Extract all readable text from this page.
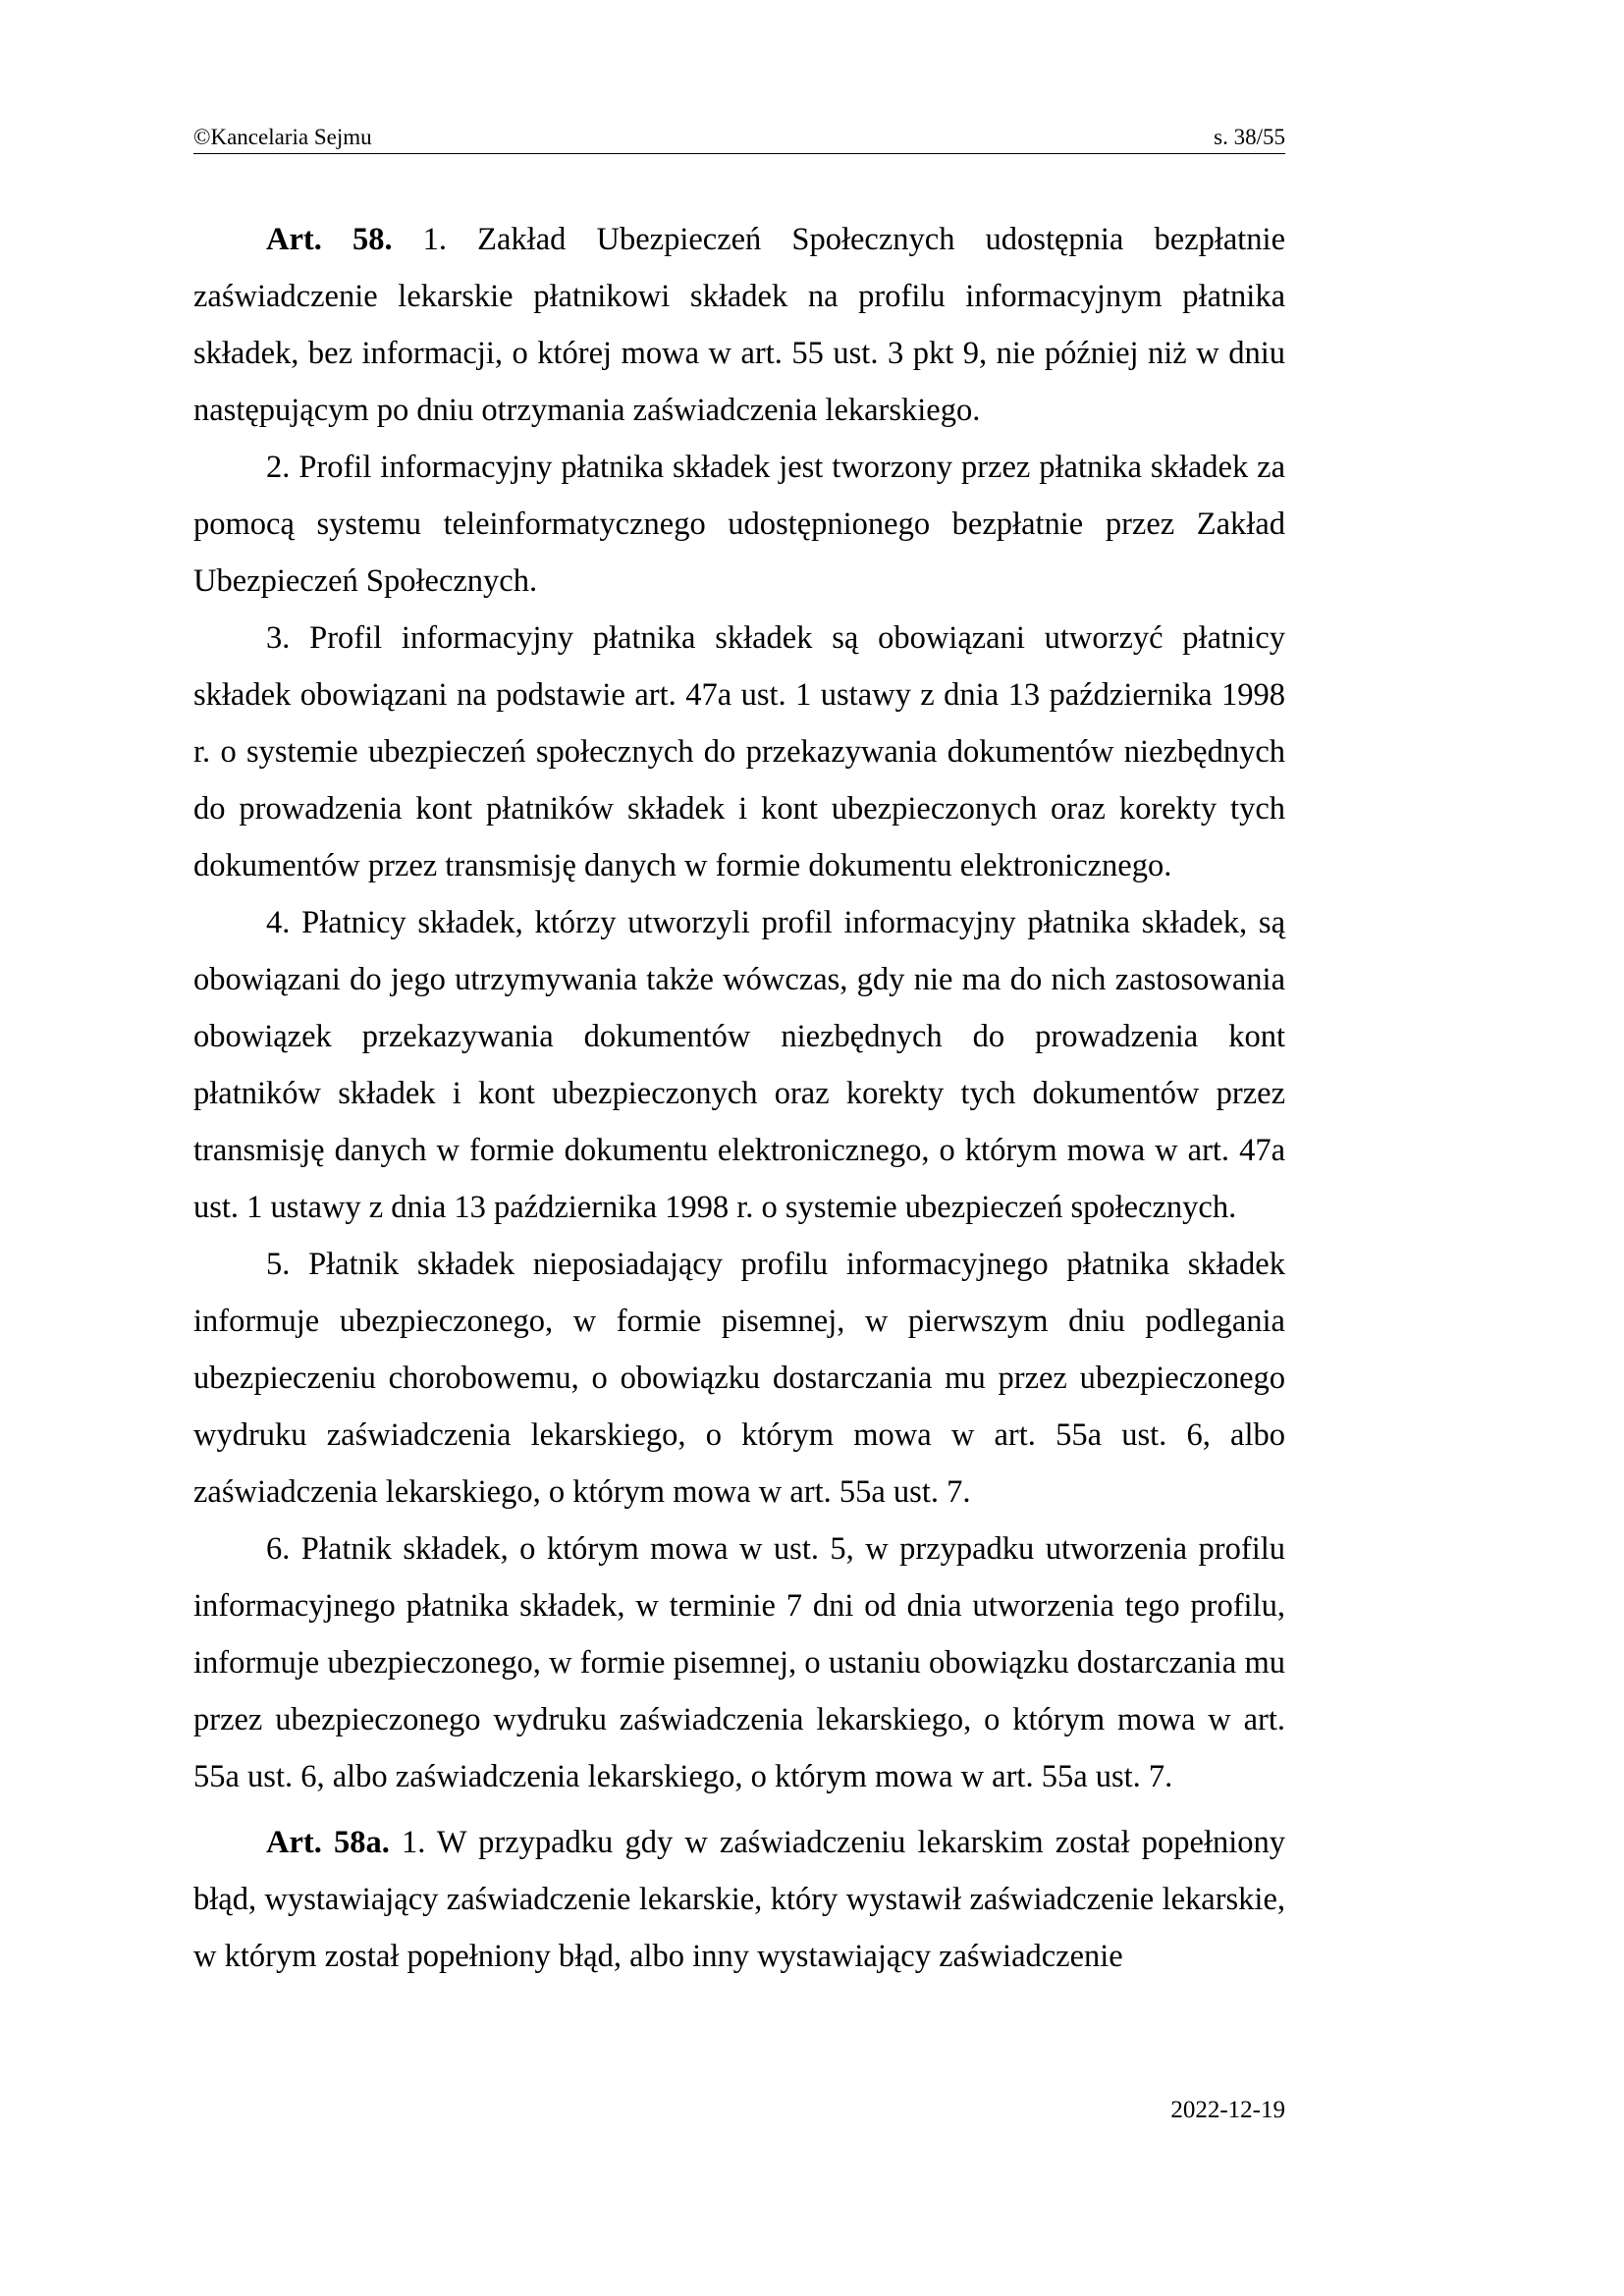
©Kancelaria Sejmu	s. 38/55

Art. 58. 1. Zakład Ubezpieczeń Społecznych udostępnia bezpłatnie zaświadczenie lekarskie płatnikowi składek na profilu informacyjnym płatnika składek, bez informacji, o której mowa w art. 55 ust. 3 pkt 9, nie później niż w dniu następującym po dniu otrzymania zaświadczenia lekarskiego.

2. Profil informacyjny płatnika składek jest tworzony przez płatnika składek za pomocą systemu teleinformatycznego udostępnionego bezpłatnie przez Zakład Ubezpieczeń Społecznych.

3. Profil informacyjny płatnika składek są obowiązani utworzyć płatnicy składek obowiązani na podstawie art. 47a ust. 1 ustawy z dnia 13 października 1998 r. o systemie ubezpieczeń społecznych do przekazywania dokumentów niezbędnych do prowadzenia kont płatników składek i kont ubezpieczonych oraz korekty tych dokumentów przez transmisję danych w formie dokumentu elektronicznego.

4. Płatnicy składek, którzy utworzyli profil informacyjny płatnika składek, są obowiązani do jego utrzymywania także wówczas, gdy nie ma do nich zastosowania obowiązek przekazywania dokumentów niezbędnych do prowadzenia kont płatników składek i kont ubezpieczonych oraz korekty tych dokumentów przez transmisję danych w formie dokumentu elektronicznego, o którym mowa w art. 47a ust. 1 ustawy z dnia 13 października 1998 r. o systemie ubezpieczeń społecznych.

5. Płatnik składek nieposiadający profilu informacyjnego płatnika składek informuje ubezpieczonego, w formie pisemnej, w pierwszym dniu podlegania ubezpieczeniu chorobowemu, o obowiązku dostarczania mu przez ubezpieczonego wydruku zaświadczenia lekarskiego, o którym mowa w art. 55a ust. 6, albo zaświadczenia lekarskiego, o którym mowa w art. 55a ust. 7.

6. Płatnik składek, o którym mowa w ust. 5, w przypadku utworzenia profilu informacyjnego płatnika składek, w terminie 7 dni od dnia utworzenia tego profilu, informuje ubezpieczonego, w formie pisemnej, o ustaniu obowiązku dostarczania mu przez ubezpieczonego wydruku zaświadczenia lekarskiego, o którym mowa w art. 55a ust. 6, albo zaświadczenia lekarskiego, o którym mowa w art. 55a ust. 7.

Art. 58a. 1. W przypadku gdy w zaświadczeniu lekarskim został popełniony błąd, wystawiający zaświadczenie lekarskie, który wystawił zaświadczenie lekarskie, w którym został popełniony błąd, albo inny wystawiający zaświadczenie

2022-12-19
